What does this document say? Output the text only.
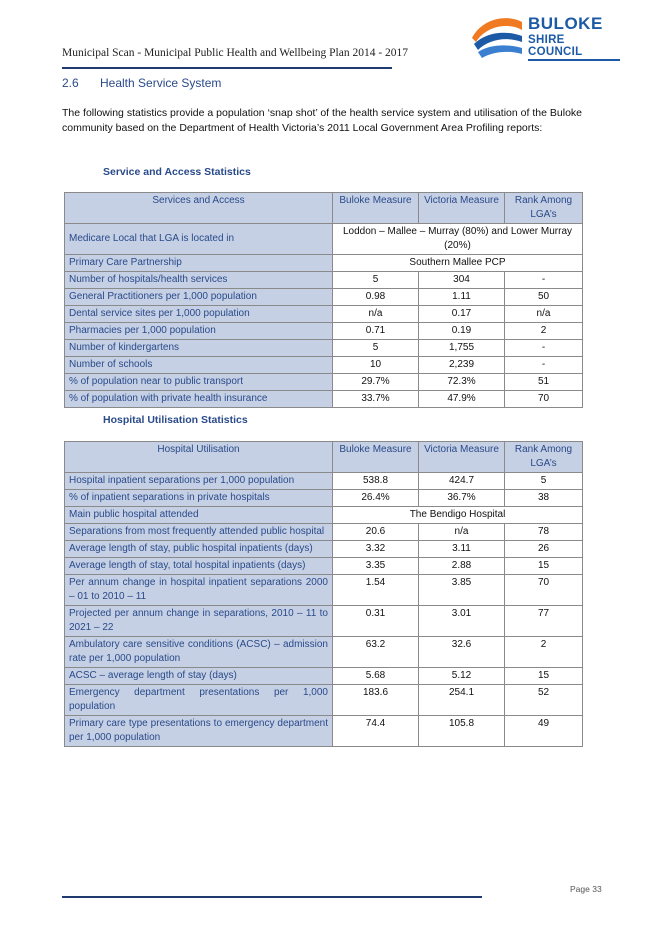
Municipal Scan - Municipal Public Health and Wellbeing Plan 2014 - 2017
BULOKE
SHIRE COUNCIL
2.6 Health Service System
The following statistics provide a population ‘snap shot’ of the health service system and utilisation of the Buloke community based on the Department of Health Victoria’s 2011 Local Government Area Profiling reports:
Service and Access Statistics
Services and Access	Buloke Measure	Victoria Measure	Rank Among LGA’s
Medicare Local that LGA is located in	Loddon – Mallee – Murray (80%) and Lower Murray (20%)		
Primary Care Partnership	Southern Mallee PCP		
Number of hospitals/health services	5	304	-
General Practitioners per 1,000 population	0.98	1.11	50
Dental service sites per 1,000 population	n/a	0.17	n/a
Pharmacies per 1,000 population	0.71	0.19	2
Number of kindergartens	5	1,755	-
Number of schools	10	2,239	-
% of population near to public transport	29.7%	72.3%	51
% of population with private health insurance	33.7%	47.9%	70
Hospital Utilisation Statistics
Hospital Utilisation	Buloke Measure	Victoria Measure	Rank Among LGA’s
Hospital inpatient separations per 1,000 population	538.8	424.7	5
% of inpatient separations in private hospitals	26.4%	36.7%	38
Main public hospital attended	The Bendigo Hospital		
Separations from most frequently attended public hospital	20.6	n/a	78
Average length of stay, public hospital inpatients (days)	3.32	3.11	26
Average length of stay, total hospital inpatients (days)	3.35	2.88	15
Per annum change in hospital inpatient separations 2000 – 01 to 2010 – 11	1.54	3.85	70
Projected per annum change in separations, 2010 – 11 to 2021 – 22	0.31	3.01	77
Ambulatory care sensitive conditions (ACSC) – admission rate per 1,000 population	63.2	32.6	2
ACSC – average length of stay (days)	5.68	5.12	15
Emergency department presentations per 1,000 population	183.6	254.1	52
Primary care type presentations to emergency department per 1,000 population	74.4	105.8	49
Page 33
